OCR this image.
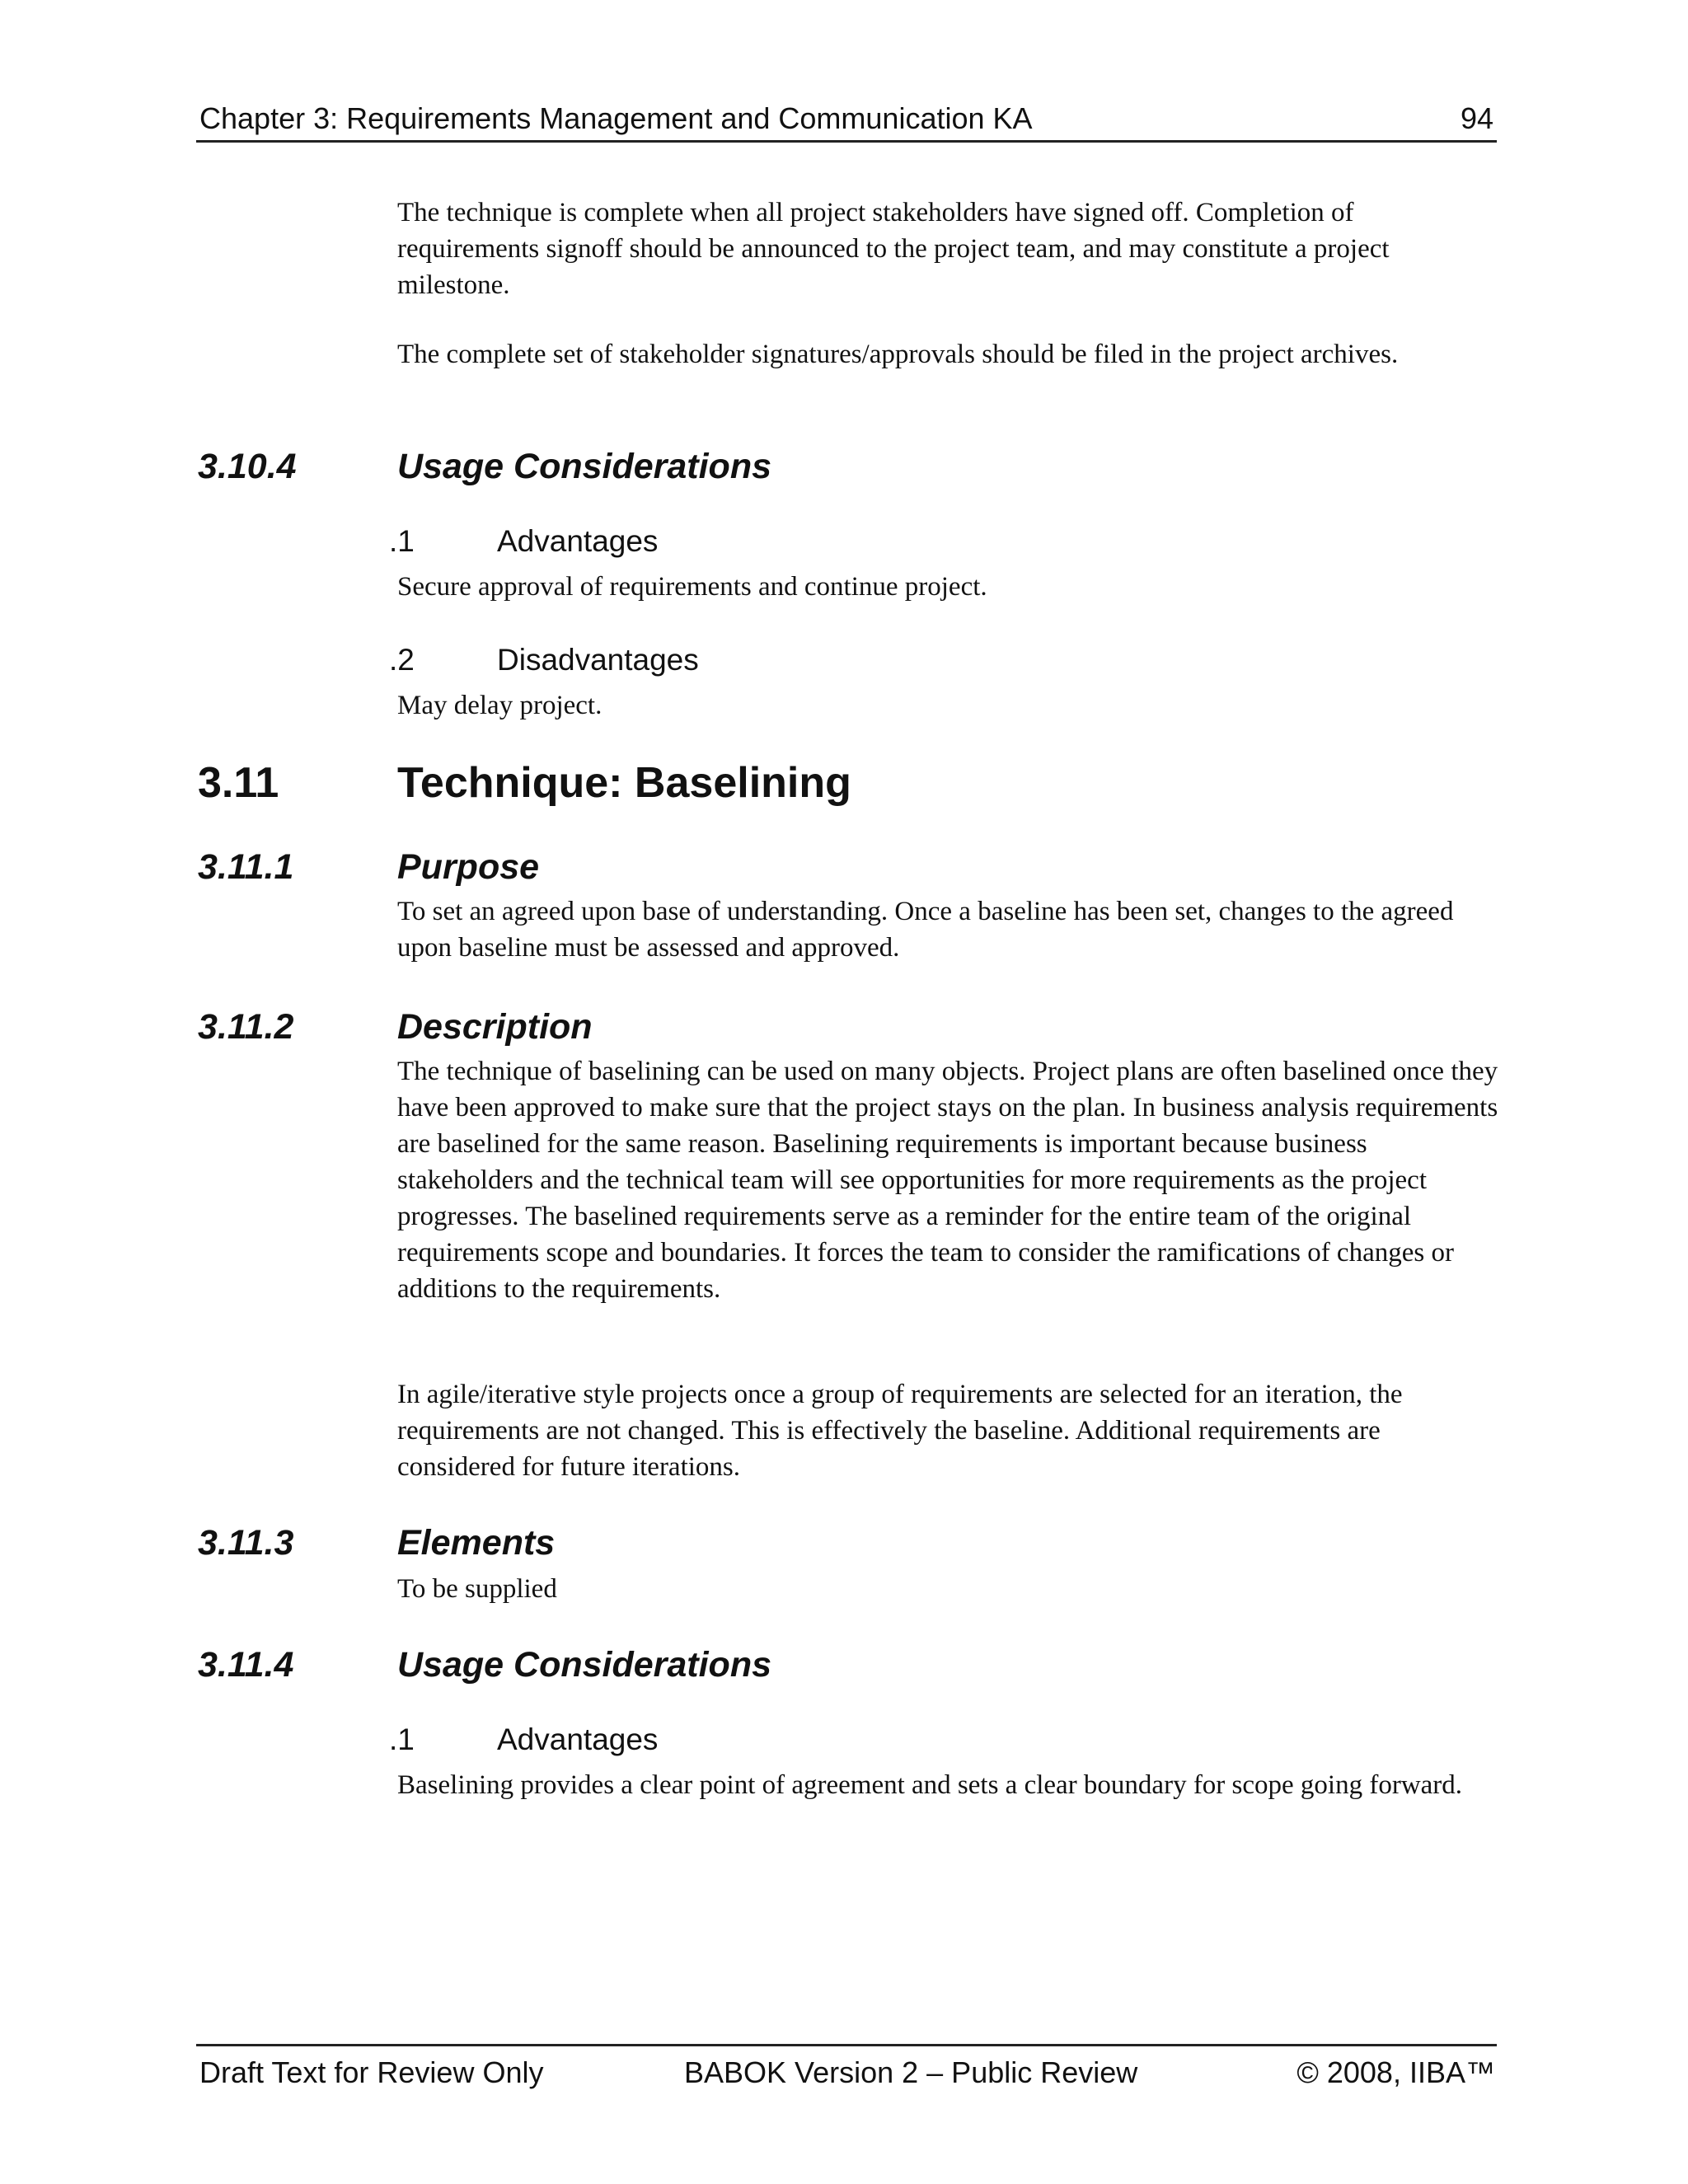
Chapter 3: Requirements Management and Communication KA	94

The technique is complete when all project stakeholders have signed off. Completion of requirements signoff should be announced to the project team, and may constitute a project milestone.

The complete set of stakeholder signatures/approvals should be filed in the project archives.

3.10.4	Usage Considerations
.1	Advantages

Secure approval of requirements and continue project.

.2	Disadvantages

May delay project.

3.11	Technique: Baselining
3.11.1	Purpose

To set an agreed upon base of understanding. Once a baseline has been set, changes to the agreed upon baseline must be assessed and approved.

3.11.2	Description

The technique of baselining can be used on many objects. Project plans are often baselined once they have been approved to make sure that the project stays on the plan. In business analysis requirements are baselined for the same reason. Baselining requirements is important because business stakeholders and the technical team will see opportunities for more requirements as the project progresses. The baselined requirements serve as a reminder for the entire team of the original requirements scope and boundaries. It forces the team to consider the ramifications of changes or additions to the requirements.

In agile/iterative style projects once a group of requirements are selected for an iteration, the requirements are not changed. This is effectively the baseline. Additional requirements are considered for future iterations.

3.11.3	Elements

To be supplied

3.11.4	Usage Considerations
.1	Advantages

Baselining provides a clear point of agreement and sets a clear boundary for scope going forward.

Draft Text for Review Only	BABOK Version 2 – Public Review	© 2008, IIBA™
